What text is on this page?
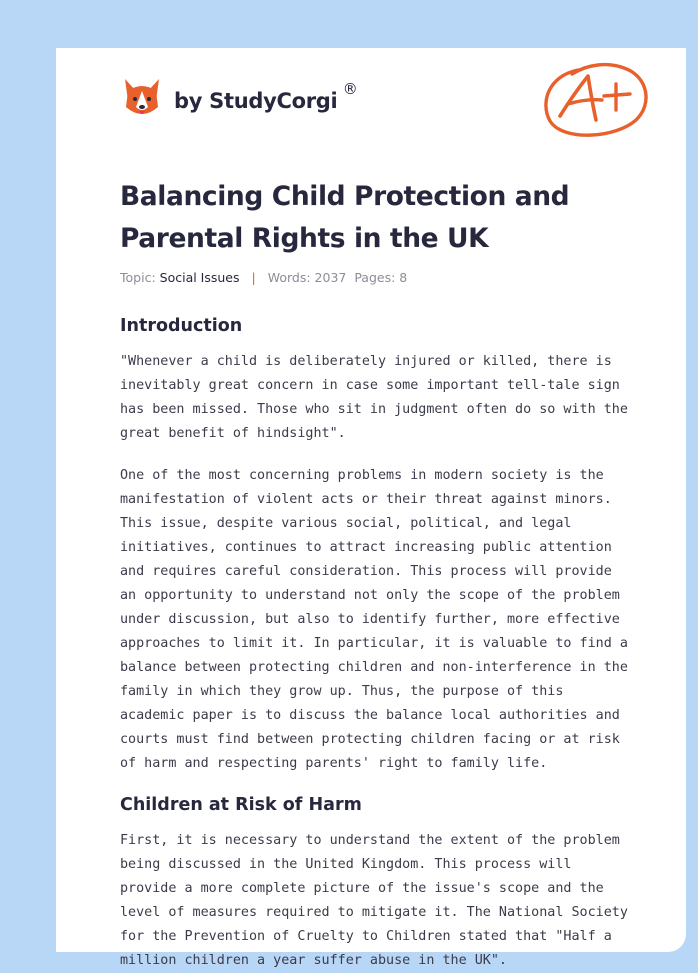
by StudyCorgi ®
Balancing Child Protection and Parental Rights in the UK
Topic: Social Issues | Words: 2037 Pages: 8
Introduction

"Whenever a child is deliberately injured or killed, there is inevitably great concern in case some important tell-tale sign has been missed. Those who sit in judgment often do so with the great benefit of hindsight".

One of the most concerning problems in modern society is the manifestation of violent acts or their threat against minors. This issue, despite various social, political, and legal initiatives, continues to attract increasing public attention and requires careful consideration. This process will provide an opportunity to understand not only the scope of the problem under discussion, but also to identify further, more effective approaches to limit it. In particular, it is valuable to find a balance between protecting children and non-interference in the family in which they grow up. Thus, the purpose of this academic paper is to discuss the balance local authorities and courts must find between protecting children facing or at risk of harm and respecting parents' right to family life.

Children at Risk of Harm

First, it is necessary to understand the extent of the problem being discussed in the United Kingdom. This process will provide a more complete picture of the issue's scope and the level of measures required to mitigate it. The National Society for the Prevention of Cruelty to Children stated that "Half a million children a year suffer abuse in the UK".
